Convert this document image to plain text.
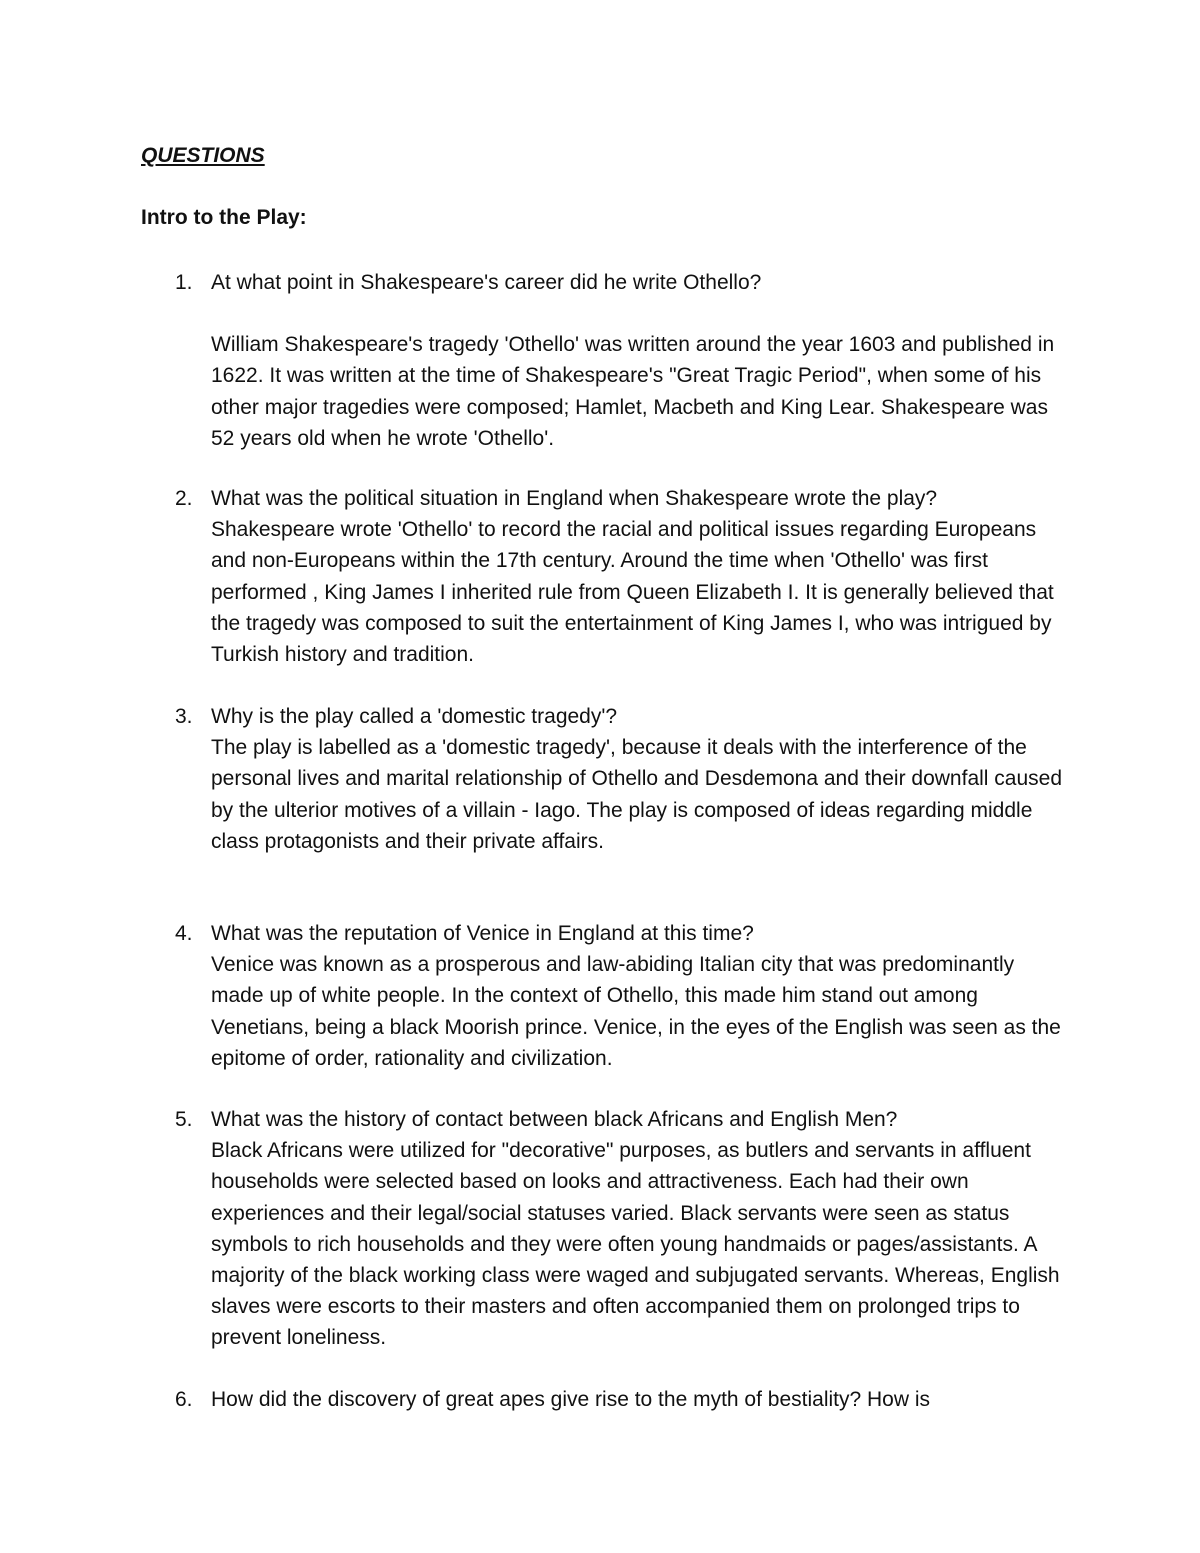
QUESTIONS
Intro to the Play:
1. At what point in Shakespeare's career did he write Othello?
William Shakespeare's tragedy 'Othello' was written around the year 1603 and published in 1622. It was written at the time of Shakespeare's "Great Tragic Period", when some of his other major tragedies were composed; Hamlet, Macbeth and King Lear. Shakespeare was 52 years old when he wrote 'Othello'.
2. What was the political situation in England when Shakespeare wrote the play?
Shakespeare wrote 'Othello' to record the racial and political issues regarding Europeans and non-Europeans within the 17th century. Around the time when 'Othello' was first performed , King James I inherited rule from Queen Elizabeth I. It is generally believed that the tragedy was composed to suit the entertainment of King James I, who was intrigued by Turkish history and tradition.
3. Why is the play called a 'domestic tragedy'?
The play is labelled as a 'domestic tragedy', because it deals with the interference of the personal lives and marital relationship of Othello and Desdemona and their downfall caused by the ulterior motives of a villain - Iago. The play is composed of ideas regarding middle class protagonists and their private affairs.
4. What was the reputation of Venice in England at this time?
Venice was known as a prosperous and law-abiding Italian city that was predominantly made up of white people. In the context of Othello, this made him stand out among Venetians, being a black Moorish prince. Venice, in the eyes of the English was seen as the epitome of order, rationality and civilization.
5. What was the history of contact between black Africans and English Men?
Black Africans were utilized for "decorative" purposes, as butlers and servants in affluent households were selected based on looks and attractiveness. Each had their own experiences and their legal/social statuses varied. Black servants were seen as status symbols to rich households and they were often young handmaids or pages/assistants. A majority of the black working class were waged and subjugated servants. Whereas, English slaves were escorts to their masters and often accompanied them on prolonged trips to prevent loneliness.
6. How did the discovery of great apes give rise to the myth of bestiality? How is
